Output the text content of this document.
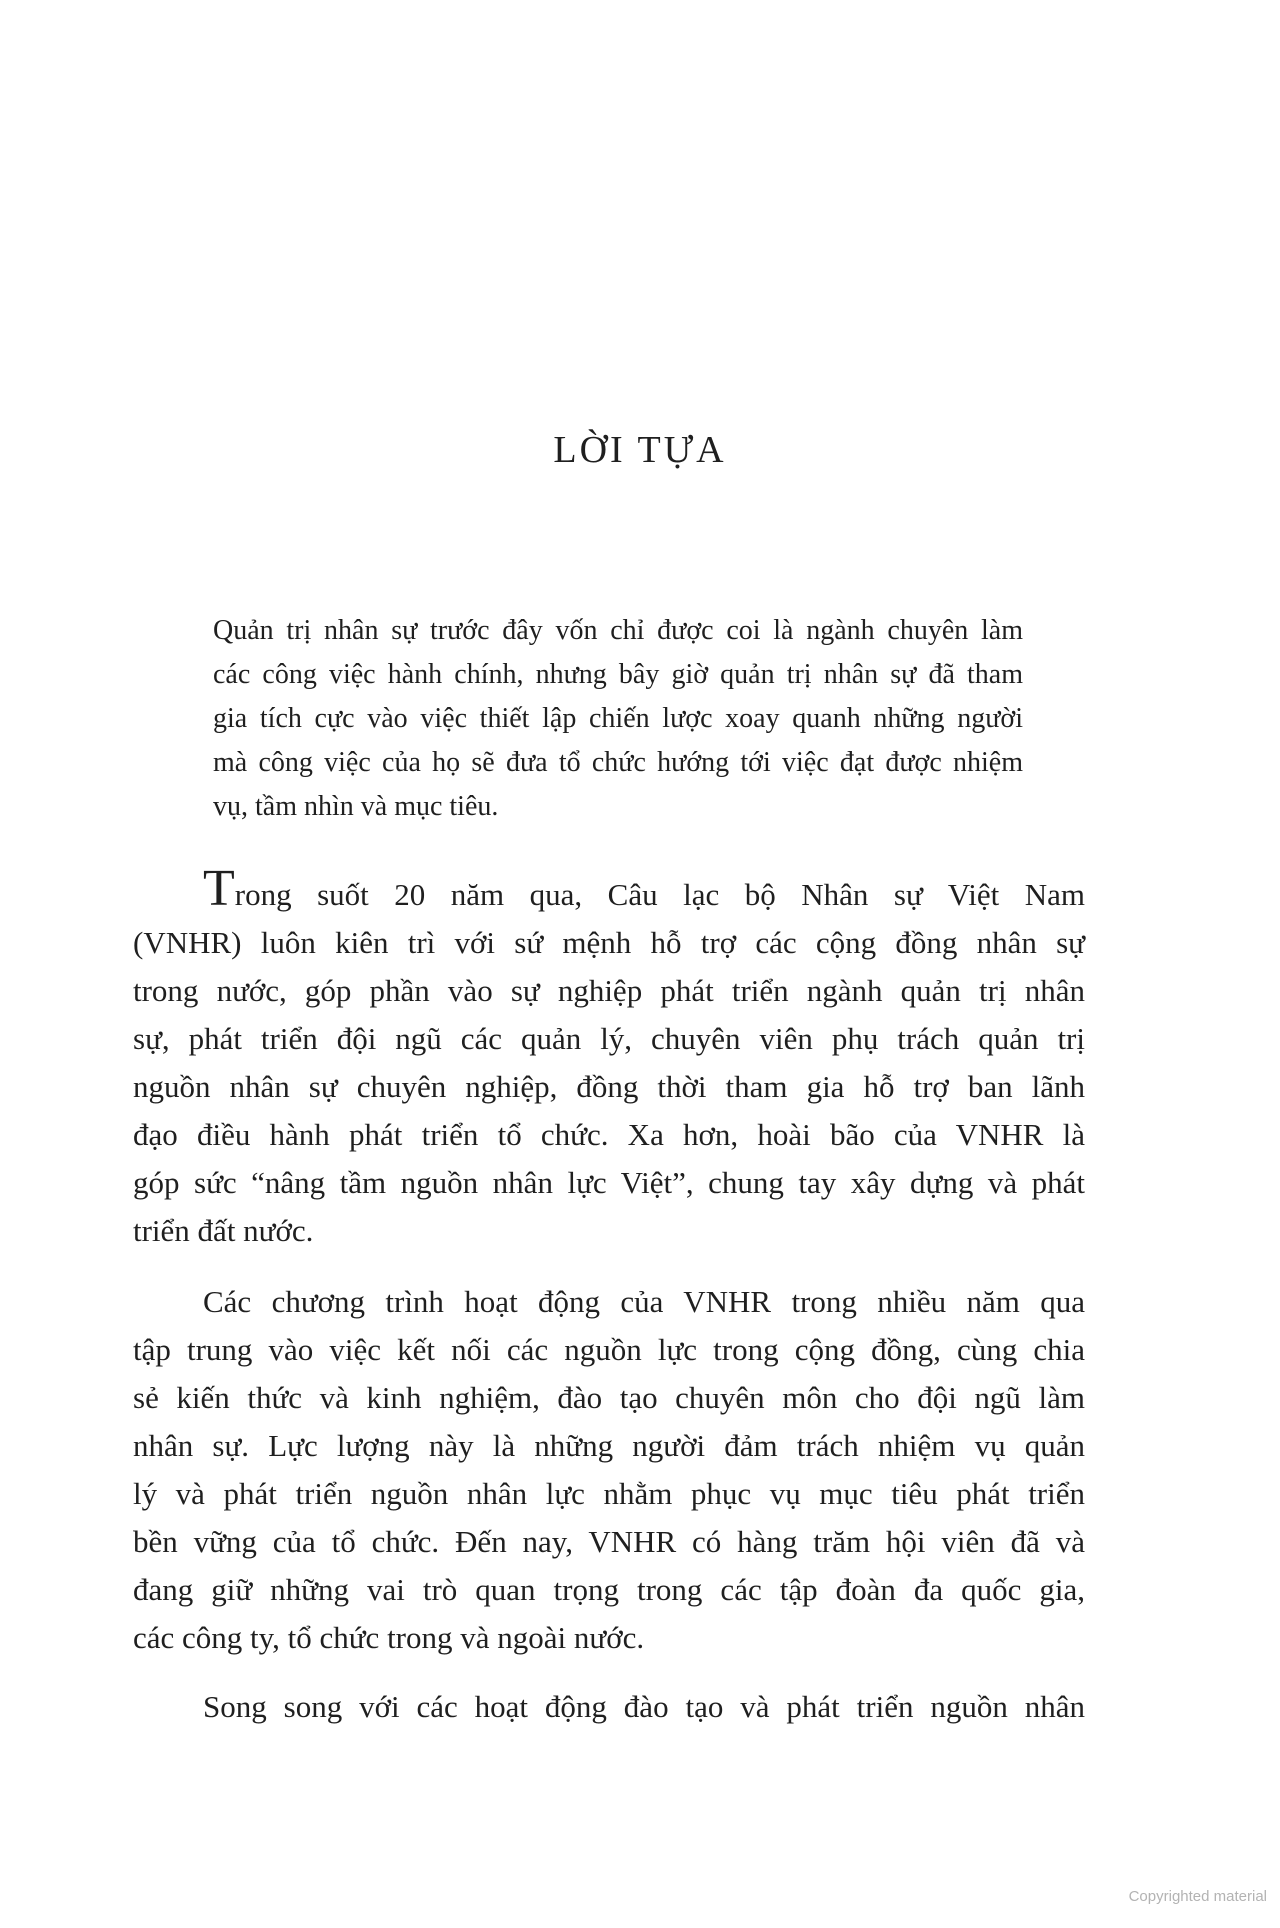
LỜI TỰA
Quản trị nhân sự trước đây vốn chỉ được coi là ngành chuyên làm
các công việc hành chính, nhưng bây giờ quản trị nhân sự đã tham
gia tích cực vào việc thiết lập chiến lược xoay quanh những người
mà công việc của họ sẽ đưa tổ chức hướng tới việc đạt được nhiệm
vụ, tầm nhìn và mục tiêu.
Trong suốt 20 năm qua, Câu lạc bộ Nhân sự Việt Nam
(VNHR) luôn kiên trì với sứ mệnh hỗ trợ các cộng đồng nhân sự
trong nước, góp phần vào sự nghiệp phát triển ngành quản trị nhân
sự, phát triển đội ngũ các quản lý, chuyên viên phụ trách quản trị
nguồn nhân sự chuyên nghiệp, đồng thời tham gia hỗ trợ ban lãnh
đạo điều hành phát triển tổ chức. Xa hơn, hoài bão của VNHR là
góp sức “nâng tầm nguồn nhân lực Việt”, chung tay xây dựng và phát
triển đất nước.
Các chương trình hoạt động của VNHR trong nhiều năm qua
tập trung vào việc kết nối các nguồn lực trong cộng đồng, cùng chia
sẻ kiến thức và kinh nghiệm, đào tạo chuyên môn cho đội ngũ làm
nhân sự. Lực lượng này là những người đảm trách nhiệm vụ quản
lý và phát triển nguồn nhân lực nhằm phục vụ mục tiêu phát triển
bền vững của tổ chức. Đến nay, VNHR có hàng trăm hội viên đã và
đang giữ những vai trò quan trọng trong các tập đoàn đa quốc gia,
các công ty, tổ chức trong và ngoài nước.
Song song với các hoạt động đào tạo và phát triển nguồn nhân
Copyrighted material
